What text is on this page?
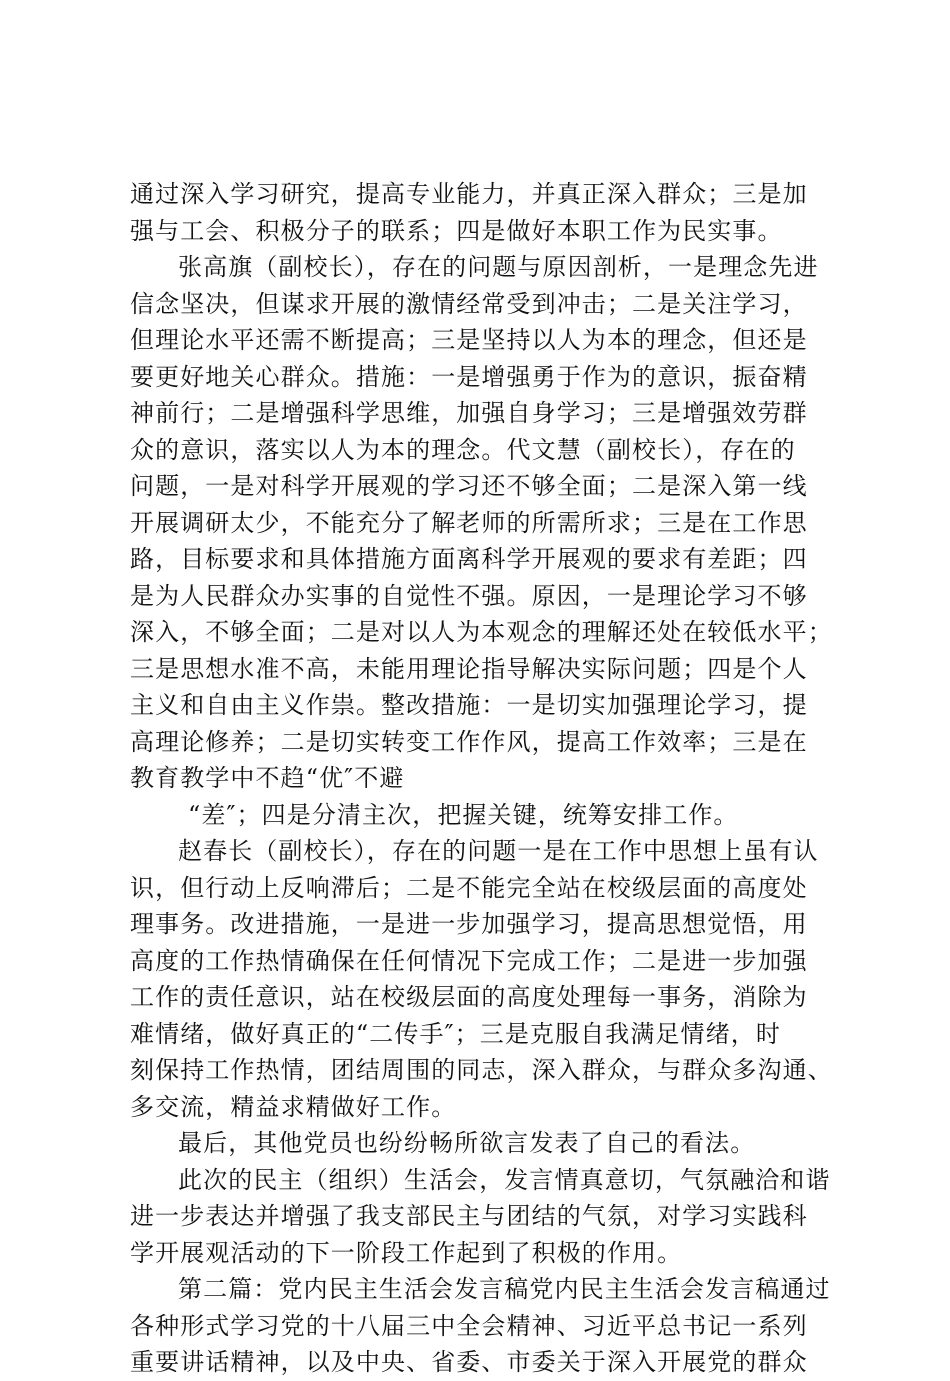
通过深入学习研究，提高专业能力，并真正深入群众；三是加
强与工会、积极分子的联系；四是做好本职工作为民实事。
张高旗（副校长），存在的问题与原因剖析，一是理念先进
信念坚决，但谋求开展的激情经常受到冲击；二是关注学习，
但理论水平还需不断提高；三是坚持以人为本的理念，但还是
要更好地关心群众。措施：一是增强勇于作为的意识，振奋精
神前行；二是增强科学思维，加强自身学习；三是增强效劳群
众的意识，落实以人为本的理念。代文慧（副校长），存在的
问题，一是对科学开展观的学习还不够全面；二是深入第一线
开展调研太少，不能充分了解老师的所需所求；三是在工作思
路，目标要求和具体措施方面离科学开展观的要求有差距；四
是为人民群众办实事的自觉性不强。原因，一是理论学习不够
深入，不够全面；二是对以人为本观念的理解还处在较低水平；
三是思想水准不高，未能用理论指导解决实际问题；四是个人
主义和自由主义作祟。整改措施：一是切实加强理论学习，提
高理论修养；二是切实转变工作作风，提高工作效率；三是在
教育教学中不趋“优″不避
“差″；四是分清主次，把握关键，统筹安排工作。
赵春长（副校长），存在的问题一是在工作中思想上虽有认
识，但行动上反响滞后；二是不能完全站在校级层面的高度处
理事务。改进措施，一是进一步加强学习，提高思想觉悟，用
高度的工作热情确保在任何情况下完成工作；二是进一步加强
工作的责任意识，站在校级层面的高度处理每一事务，消除为
难情绪，做好真正的“二传手″；三是克服自我满足情绪，时
刻保持工作热情，团结周围的同志，深入群众，与群众多沟通、
多交流，精益求精做好工作。
最后，其他党员也纷纷畅所欲言发表了自己的看法。
此次的民主（组织）生活会，发言情真意切，气氛融洽和谐
进一步表达并增强了我支部民主与团结的气氛，对学习实践科
学开展观活动的下一阶段工作起到了积极的作用。
第二篇：党内民主生活会发言稿党内民主生活会发言稿通过
各种形式学习党的十八届三中全会精神、习近平总书记一系列
重要讲话精神，以及中央、省委、市委关于深入开展党的群众
